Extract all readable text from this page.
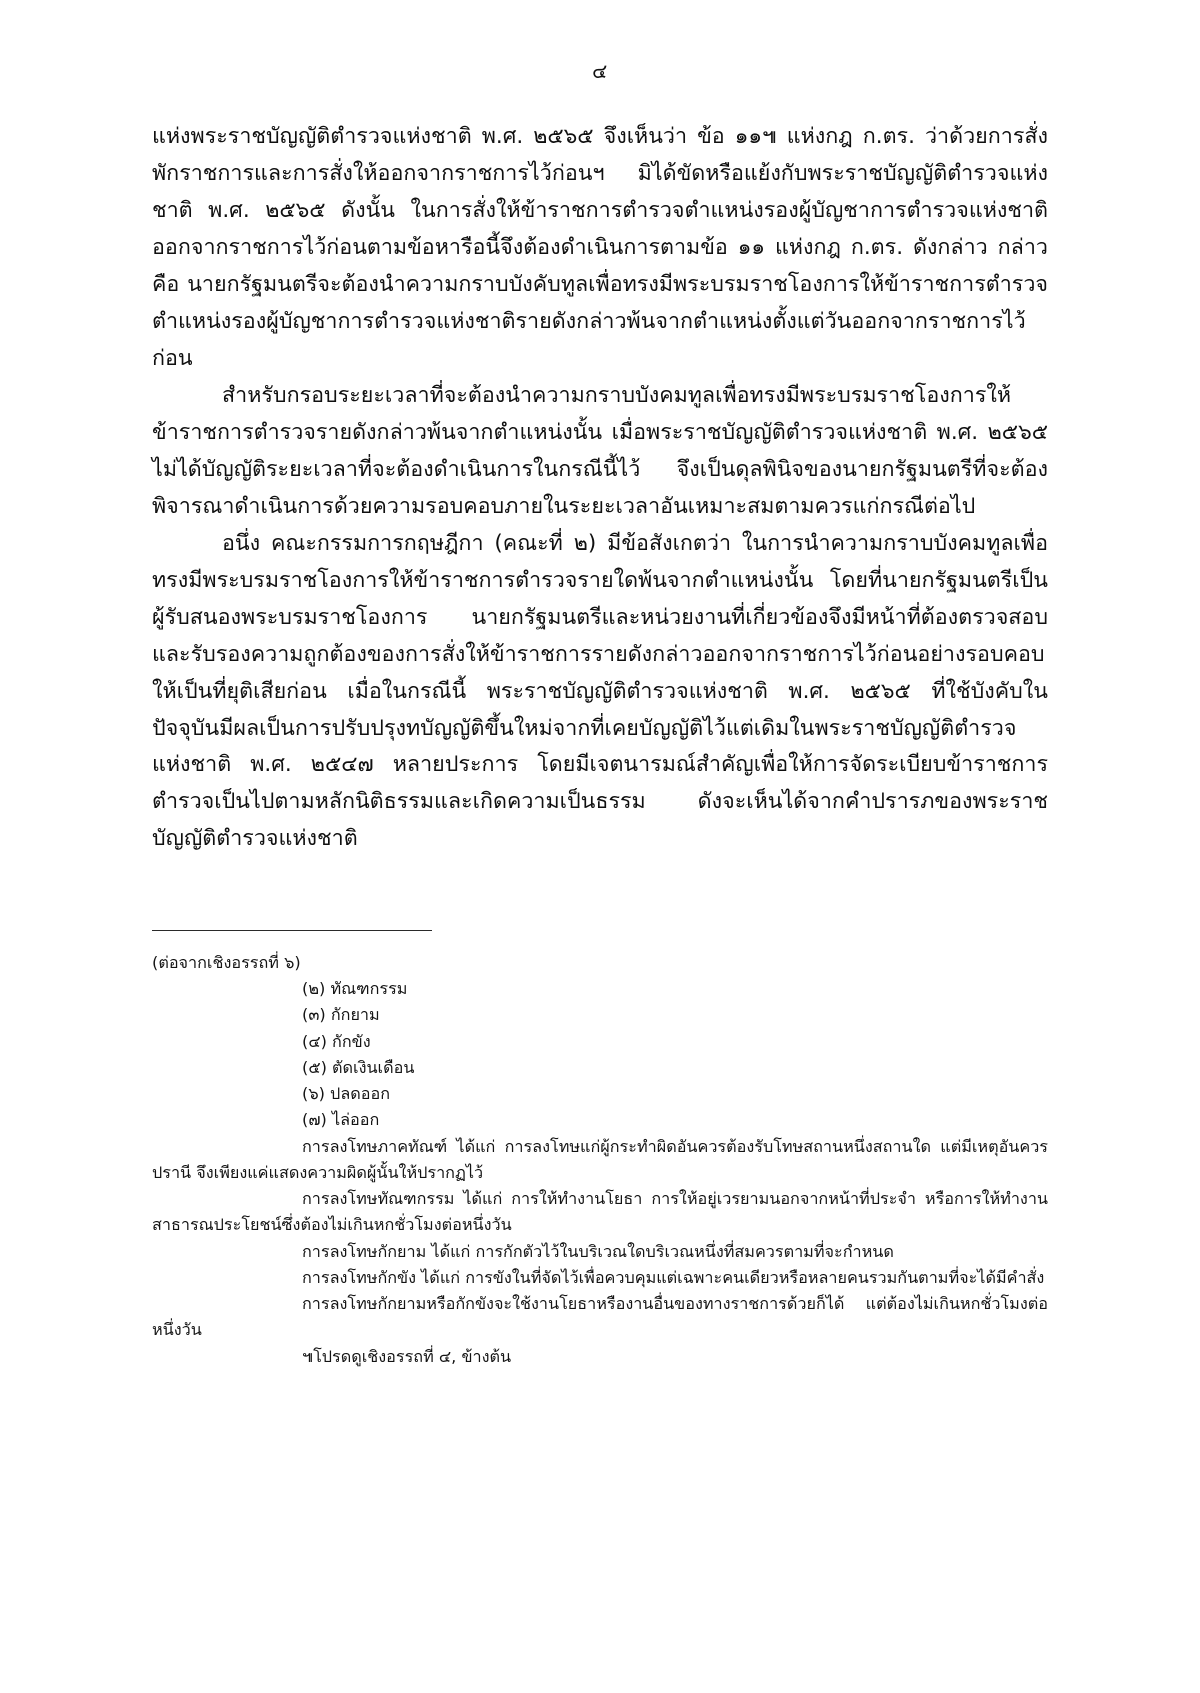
๔

แห่งพระราชบัญญัติตำรวจแห่งชาติ พ.ศ. ๒๕๖๕ จึงเห็นว่า ข้อ ๑๑๚ แห่งกฎ ก.ตร. ว่าด้วยการสั่งพักราชการและการสั่งให้ออกจากราชการไว้ก่อนฯ มิได้ขัดหรือแย้งกับพระราชบัญญัติตำรวจแห่งชาติ พ.ศ. ๒๕๖๕ ดังนั้น ในการสั่งให้ข้าราชการตำรวจตำแหน่งรองผู้บัญชาการตำรวจแห่งชาติออกจากราชการไว้ก่อนตามข้อหารือนี้จึงต้องดำเนินการตามข้อ ๑๑ แห่งกฎ ก.ตร. ดังกล่าว กล่าวคือ นายกรัฐมนตรีจะต้องนำความกราบบังคับทูลเพื่อทรงมีพระบรมราชโองการให้ข้าราชการตำรวจตำแหน่งรองผู้บัญชาการตำรวจแห่งชาติรายดังกล่าวพ้นจากตำแหน่งตั้งแต่วันออกจากราชการไว้ก่อน

สำหรับกรอบระยะเวลาที่จะต้องนำความกราบบังคมทูลเพื่อทรงมีพระบรมราชโองการให้ข้าราชการตำรวจรายดังกล่าวพ้นจากตำแหน่งนั้น เมื่อพระราชบัญญัติตำรวจแห่งชาติ พ.ศ. ๒๕๖๕ ไม่ได้บัญญัติระยะเวลาที่จะต้องดำเนินการในกรณีนี้ไว้ จึงเป็นดุลพินิจของนายกรัฐมนตรีที่จะต้องพิจารณาดำเนินการด้วยความรอบคอบภายในระยะเวลาอันเหมาะสมตามควรแก่กรณีต่อไป

อนึ่ง คณะกรรมการกฤษฎีกา (คณะที่ ๒) มีข้อสังเกตว่า ในการนำความกราบบังคมทูลเพื่อทรงมีพระบรมราชโองการให้ข้าราชการตำรวจรายใดพ้นจากตำแหน่งนั้น โดยที่นายกรัฐมนตรีเป็นผู้รับสนองพระบรมราชโองการ นายกรัฐมนตรีและหน่วยงานที่เกี่ยวข้องจึงมีหน้าที่ต้องตรวจสอบและรับรองความถูกต้องของการสั่งให้ข้าราชการรายดังกล่าวออกจากราชการไว้ก่อนอย่างรอบคอบให้เป็นที่ยุติเสียก่อน เมื่อในกรณีนี้ พระราชบัญญัติตำรวจแห่งชาติ พ.ศ. ๒๕๖๕ ที่ใช้บังคับในปัจจุบันมีผลเป็นการปรับปรุงทบัญญัติขึ้นใหม่จากที่เคยบัญญัติไว้แต่เดิมในพระราชบัญญัติตำรวจแห่งชาติ พ.ศ. ๒๕๔๗ หลายประการ โดยมีเจตนารมณ์สำคัญเพื่อให้การจัดระเบียบข้าราชการตำรวจเป็นไปตามหลักนิติธรรมและเกิดความเป็นธรรม ดังจะเห็นได้จากคำปรารภของพระราชบัญญัติตำรวจแห่งชาติ

(ต่อจากเชิงอรรถที่ ๖)
(๒) ทัณฑกรรม
(๓) กักยาม
(๔) กักขัง
(๕) ตัดเงินเดือน
(๖) ปลดออก
(๗) ไล่ออก
การลงโทษภาคทัณฑ์ ได้แก่ การลงโทษแก่ผู้กระทำผิดอันควรต้องรับโทษสถานหนึ่งสถานใด แต่มีเหตุอันควรปรานี จึงเพียงแค่แสดงความผิดผู้นั้นให้ปรากฏไว้
การลงโทษทัณฑกรรม ได้แก่ การให้ทำงานโยธา การให้อยู่เวรยามนอกจากหน้าที่ประจำ หรือการให้ทำงานสาธารณประโยชน์ซึ่งต้องไม่เกินหกชั่วโมงต่อหนึ่งวัน
การลงโทษกักยาม ได้แก่ การกักตัวไว้ในบริเวณใดบริเวณหนึ่งที่สมควรตามที่จะกำหนด
การลงโทษกักขัง ได้แก่ การขังในที่จัดไว้เพื่อควบคุมแต่เฉพาะคนเดียวหรือหลายคนรวมกันตามที่จะได้มีคำสั่ง
การลงโทษกักยามหรือกักขังจะใช้งานโยธาหรืองานอื่นของทางราชการด้วยก็ได้ แต่ต้องไม่เกินหกชั่วโมงต่อหนึ่งวัน
๚โปรดดูเชิงอรรถที่ ๔, ข้างต้น
